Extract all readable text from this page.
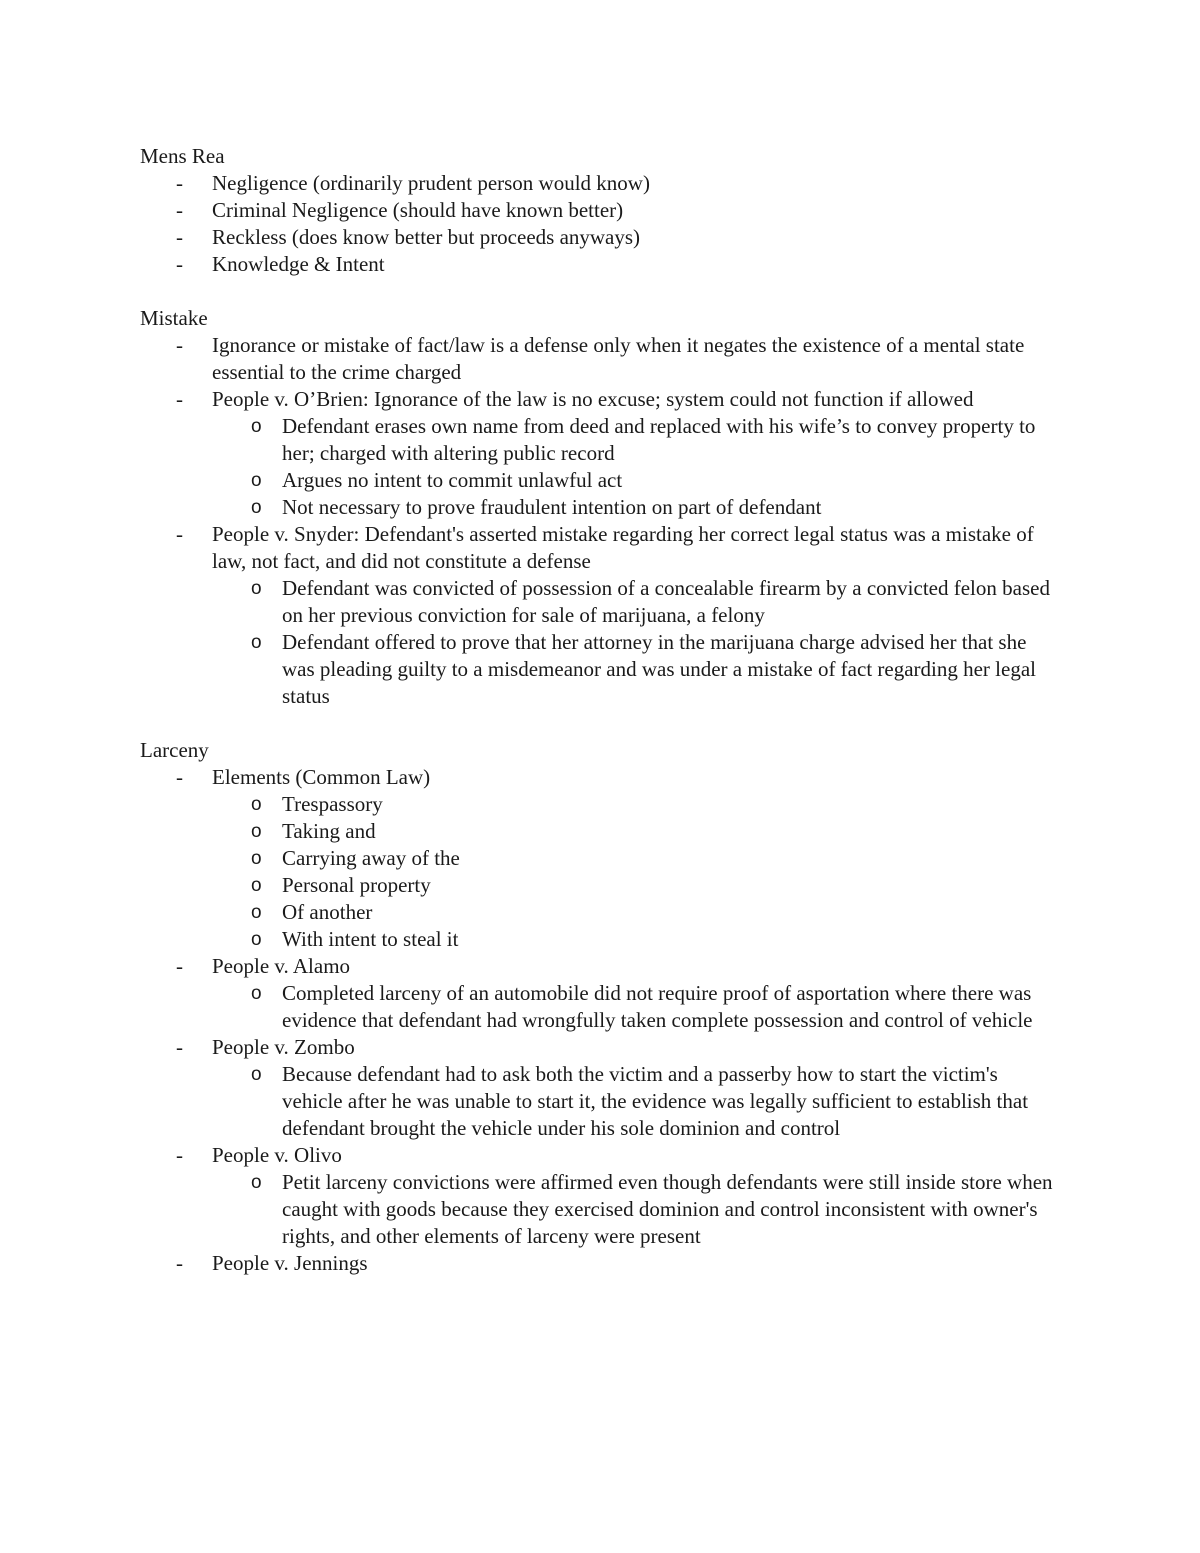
Mens Rea

- Negligence (ordinarily prudent person would know)
- Criminal Negligence (should have known better)
- Reckless (does know better but proceeds anyways)
- Knowledge & Intent

Mistake

- Ignorance or mistake of fact/law is a defense only when it negates the existence of a mental state essential to the crime charged
- People v. O’Brien: Ignorance of the law is no excuse; system could not function if allowed
o Defendant erases own name from deed and replaced with his wife’s to convey property to her; charged with altering public record
o Argues no intent to commit unlawful act
o Not necessary to prove fraudulent intention on part of defendant
- People v. Snyder: Defendant's asserted mistake regarding her correct legal status was a mistake of law, not fact, and did not constitute a defense
o Defendant was convicted of possession of a concealable firearm by a convicted felon based on her previous conviction for sale of marijuana, a felony
o Defendant offered to prove that her attorney in the marijuana charge advised her that she was pleading guilty to a misdemeanor and was under a mistake of fact regarding her legal status

Larceny

- Elements (Common Law)
o Trespassory
o Taking and
o Carrying away of the
o Personal property
o Of another
o With intent to steal it
- People v. Alamo
o Completed larceny of an automobile did not require proof of asportation where there was evidence that defendant had wrongfully taken complete possession and control of vehicle
- People v. Zombo
o Because defendant had to ask both the victim and a passerby how to start the victim's vehicle after he was unable to start it, the evidence was legally sufficient to establish that defendant brought the vehicle under his sole dominion and control
- People v. Olivo
o Petit larceny convictions were affirmed even though defendants were still inside store when caught with goods because they exercised dominion and control inconsistent with owner's rights, and other elements of larceny were present
- People v. Jennings
